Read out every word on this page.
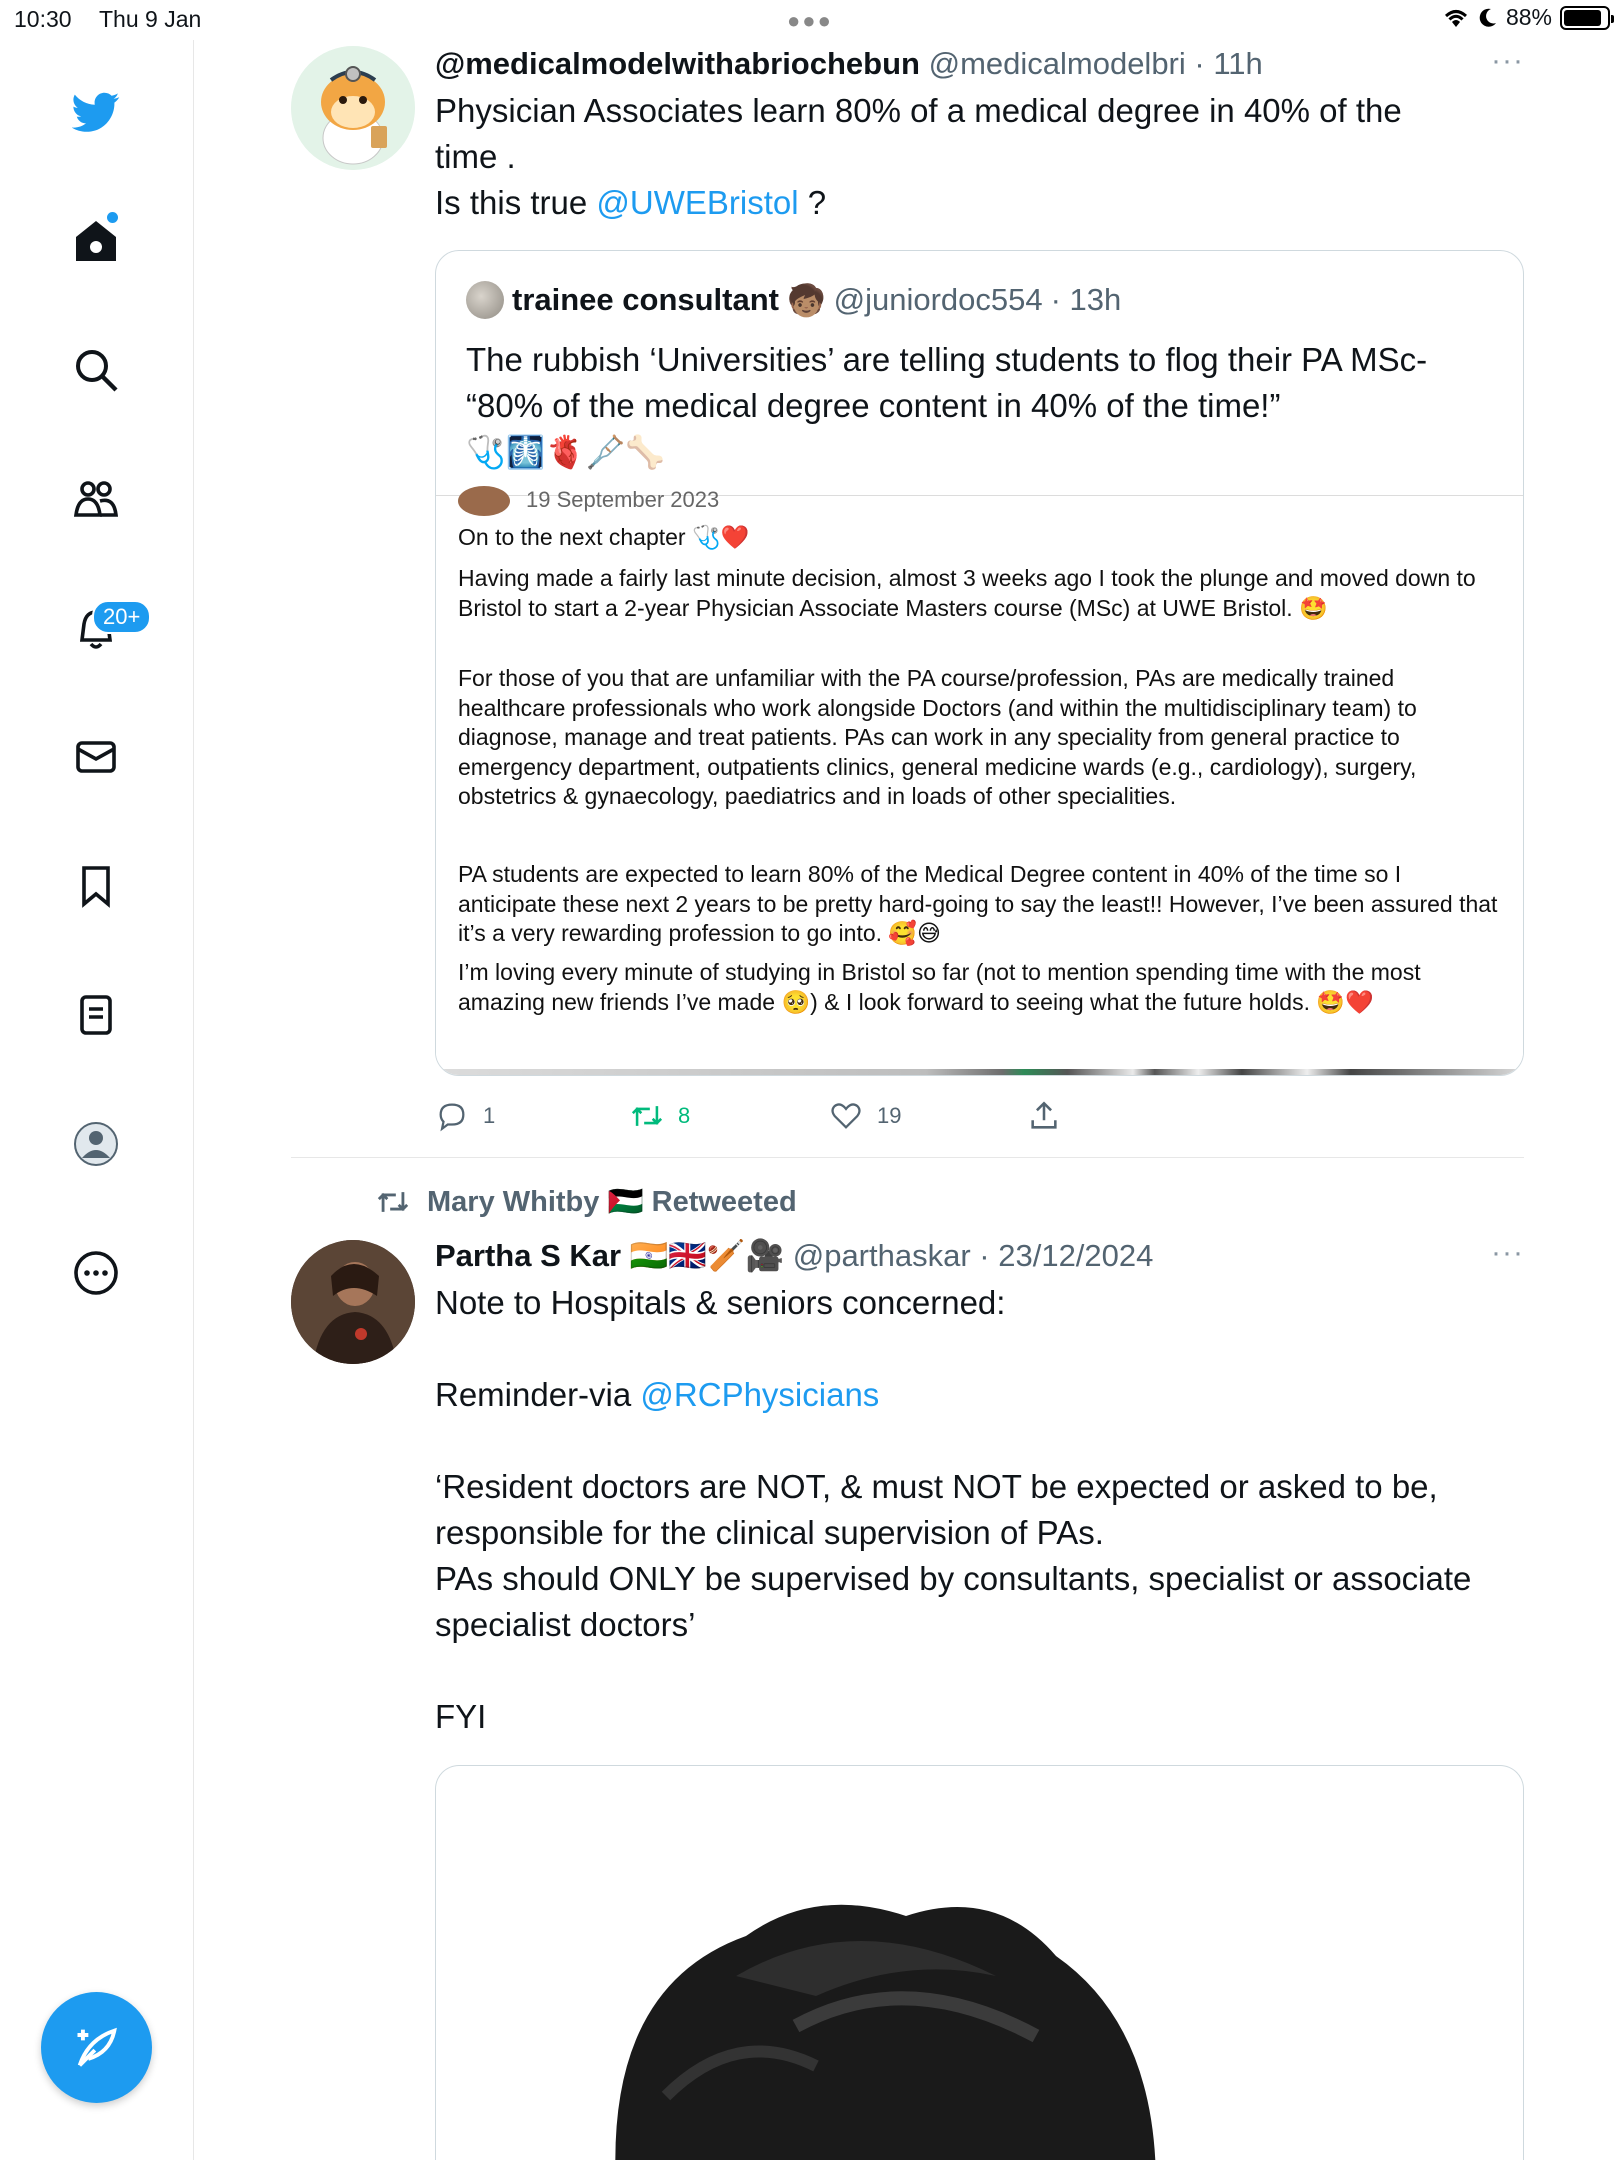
10:30 Thu 9 Jan	●●●	88%
20+
@medicalmodelwithabriochebun @medicalmodelbri · 11h	···
Physician Associates learn 80% of a medical degree in 40% of the
time .
Is this true @UWEBristol ?
trainee consultant 🧒🏽 @juniordoc554 · 13h
The rubbish ‘Universities’ are telling students to flog their PA MSc-
“80% of the medical degree content in 40% of the time!”
🩺🩻🫀🩼🦴
19 September 2023

On to the next chapter 🩺❤️

Having made a fairly last minute decision, almost 3 weeks ago I took the plunge and moved down to Bristol to start a 2-year Physician Associate Masters course (MSc) at UWE Bristol. 🤩

For those of you that are unfamiliar with the PA course/profession, PAs are medically trained healthcare professionals who work alongside Doctors (and within the multidisciplinary team) to diagnose, manage and treat patients. PAs can work in any speciality from general practice to emergency department, outpatients clinics, general medicine wards (e.g., cardiology), surgery, obstetrics & gynaecology, paediatrics and in loads of other specialities.

PA students are expected to learn 80% of the Medical Degree content in 40% of the time so I anticipate these next 2 years to be pretty hard-going to say the least!! However, I’ve been assured that it’s a very rewarding profession to go into. 🥰😅

I’m loving every minute of studying in Bristol so far (not to mention spending time with the most amazing new friends I’ve made 🥺) & I look forward to seeing what the future holds. 🤩❤️

1	8	19
Mary Whitby 🇵🇸 Retweeted
Partha S Kar 🇮🇳🇬🇧🏏🎥 @parthaskar · 23/12/2024	···
Note to Hospitals & seniors concerned:
Reminder-via @RCPhysicians
‘Resident doctors are NOT, & must NOT be expected or asked to be,
responsible for the clinical supervision of PAs.
PAs should ONLY be supervised by consultants, specialist or associate
specialist doctors’
FYI
